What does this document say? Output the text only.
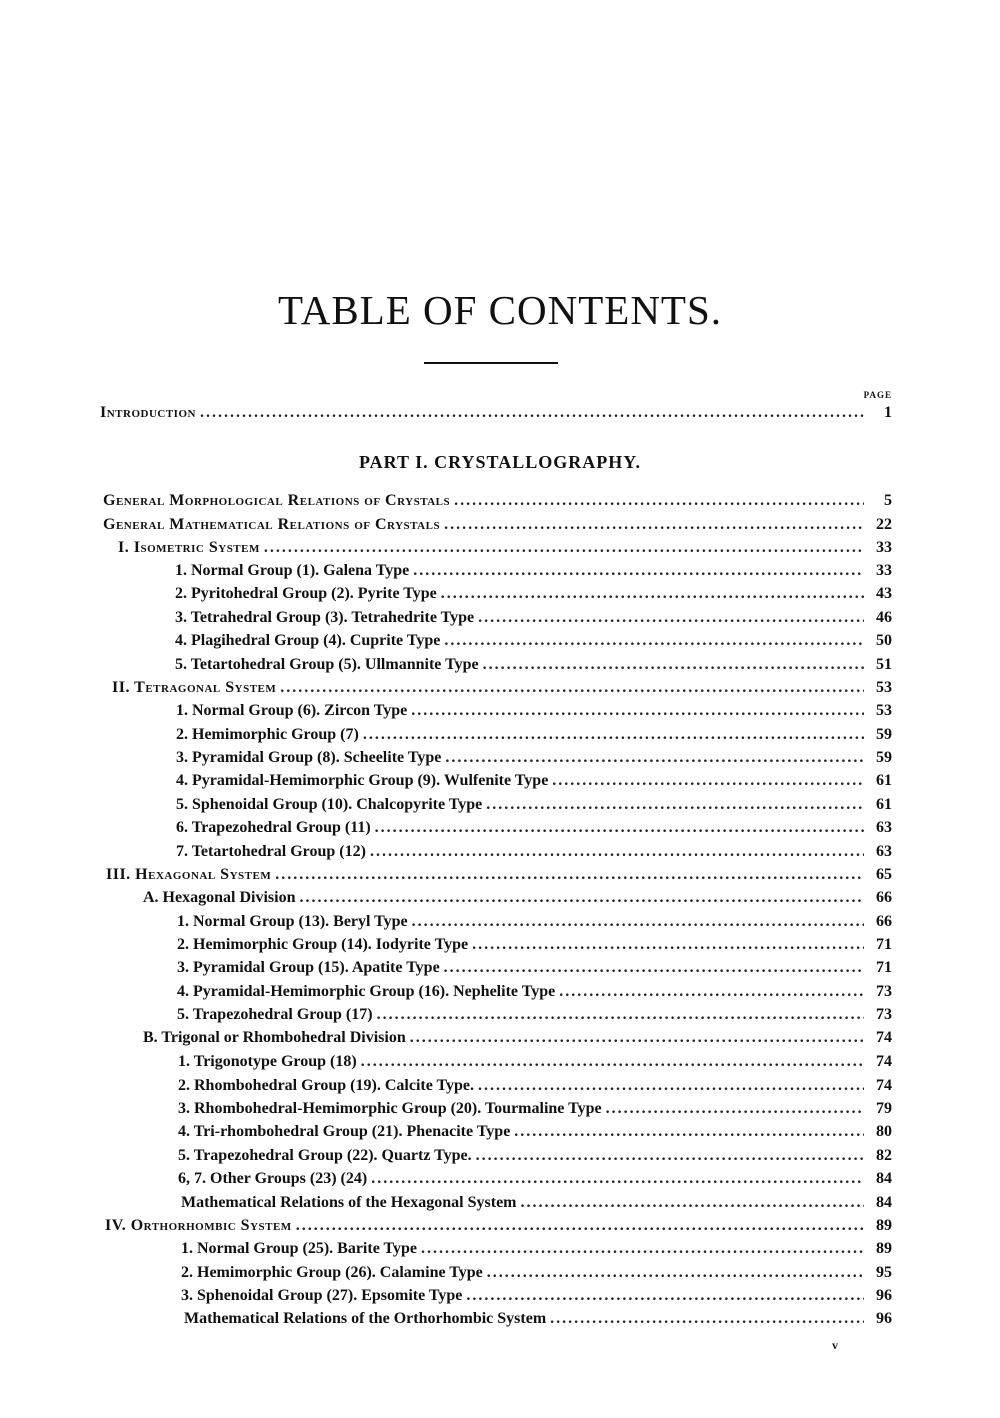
TABLE OF CONTENTS.
PAGE
Introduction .....	1
PART I. CRYSTALLOGRAPHY.
General Morphological Relations of Crystals .....	5
General Mathematical Relations of Crystals .....	22
I. Isometric System .....	33
1. Normal Group (1). Galena Type .....	33
2. Pyritohedral Group (2). Pyrite Type .....	43
3. Tetrahedral Group (3). Tetrahedrite Type .....	46
4. Plagihedral Group (4). Cuprite Type .....	50
5. Tetartohedral Group (5). Ullmannite Type .....	51
II. Tetragonal System .....	53
1. Normal Group (6). Zircon Type .....	53
2. Hemimorphic Group (7) .....	59
3. Pyramidal Group (8). Scheelite Type .....	59
4. Pyramidal-Hemimorphic Group (9). Wulfenite Type .....	61
5. Sphenoidal Group (10). Chalcopyrite Type .....	61
6. Trapezohedral Group (11) .....	63
7. Tetartohedral Group (12) .....	63
III. Hexagonal System .....	65
A. Hexagonal Division .....	66
1. Normal Group (13). Beryl Type .....	66
2. Hemimorphic Group (14). Iodyrite Type .....	71
3. Pyramidal Group (15). Apatite Type .....	71
4. Pyramidal-Hemimorphic Group (16). Nephelite Type .....	73
5. Trapezohedral Group (17) .....	73
B. Trigonal or Rhombohedral Division .....	74
1. Trigonotype Group (18) .....	74
2. Rhombohedral Group (19). Calcite Type. .....	74
3. Rhombohedral-Hemimorphic Group (20). Tourmaline Type .....	79
4. Tri-rhombohedral Group (21). Phenacite Type .....	80
5. Trapezohedral Group (22). Quartz Type. .....	82
6, 7. Other Groups (23) (24) .....	84
Mathematical Relations of the Hexagonal System .....	84
IV. Orthorhombic System .....	89
1. Normal Group (25). Barite Type .....	89
2. Hemimorphic Group (26). Calamine Type .....	95
3. Sphenoidal Group (27). Epsomite Type .....	96
Mathematical Relations of the Orthorhombic System .....	96
v
